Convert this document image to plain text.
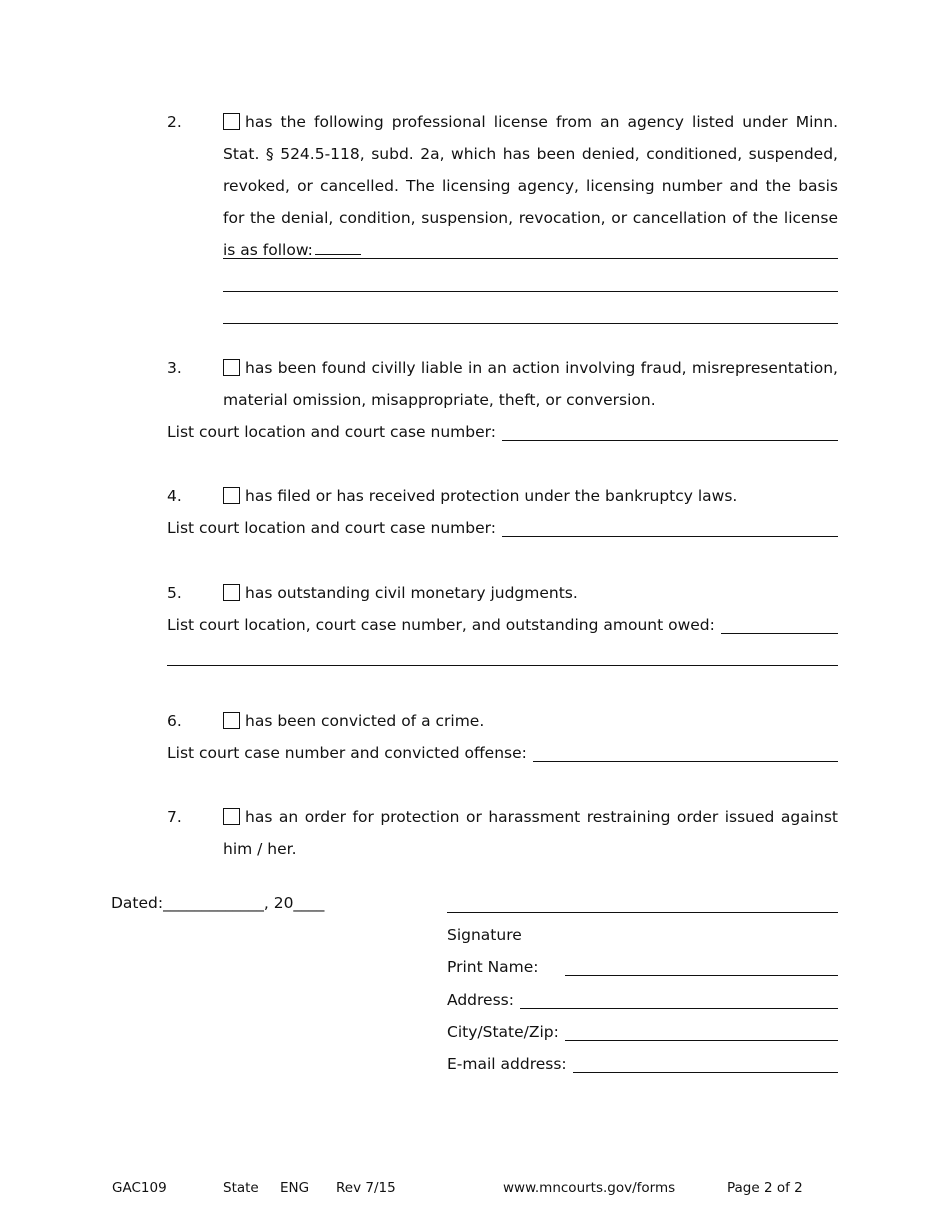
2.	has the following professional license from an agency listed under Minn. Stat. § 524.5-118, subd. 2a, which has been denied, conditioned, suspended, revoked, or cancelled. The licensing agency, licensing number and the basis for the denial, condition, suspension, revocation, or cancellation of the license is as follow:
3.	has been found civilly liable in an action involving fraud, misrepresentation, material omission, misappropriate, theft, or conversion.
List court location and court case number:
4.	has filed or has received protection under the bankruptcy laws.
List court location and court case number:
5.	has outstanding civil monetary judgments.
List court location, court case number, and outstanding amount owed:
6.	has been convicted of a crime.
List court case number and convicted offense:
7.	has an order for protection or harassment restraining order issued against him / her.
Dated:_____________, 20____
Signature
Print Name:
Address:
City/State/Zip:
E-mail address:
GAC109	State ENG Rev 7/15	www.mncourts.gov/forms	Page 2 of 2
